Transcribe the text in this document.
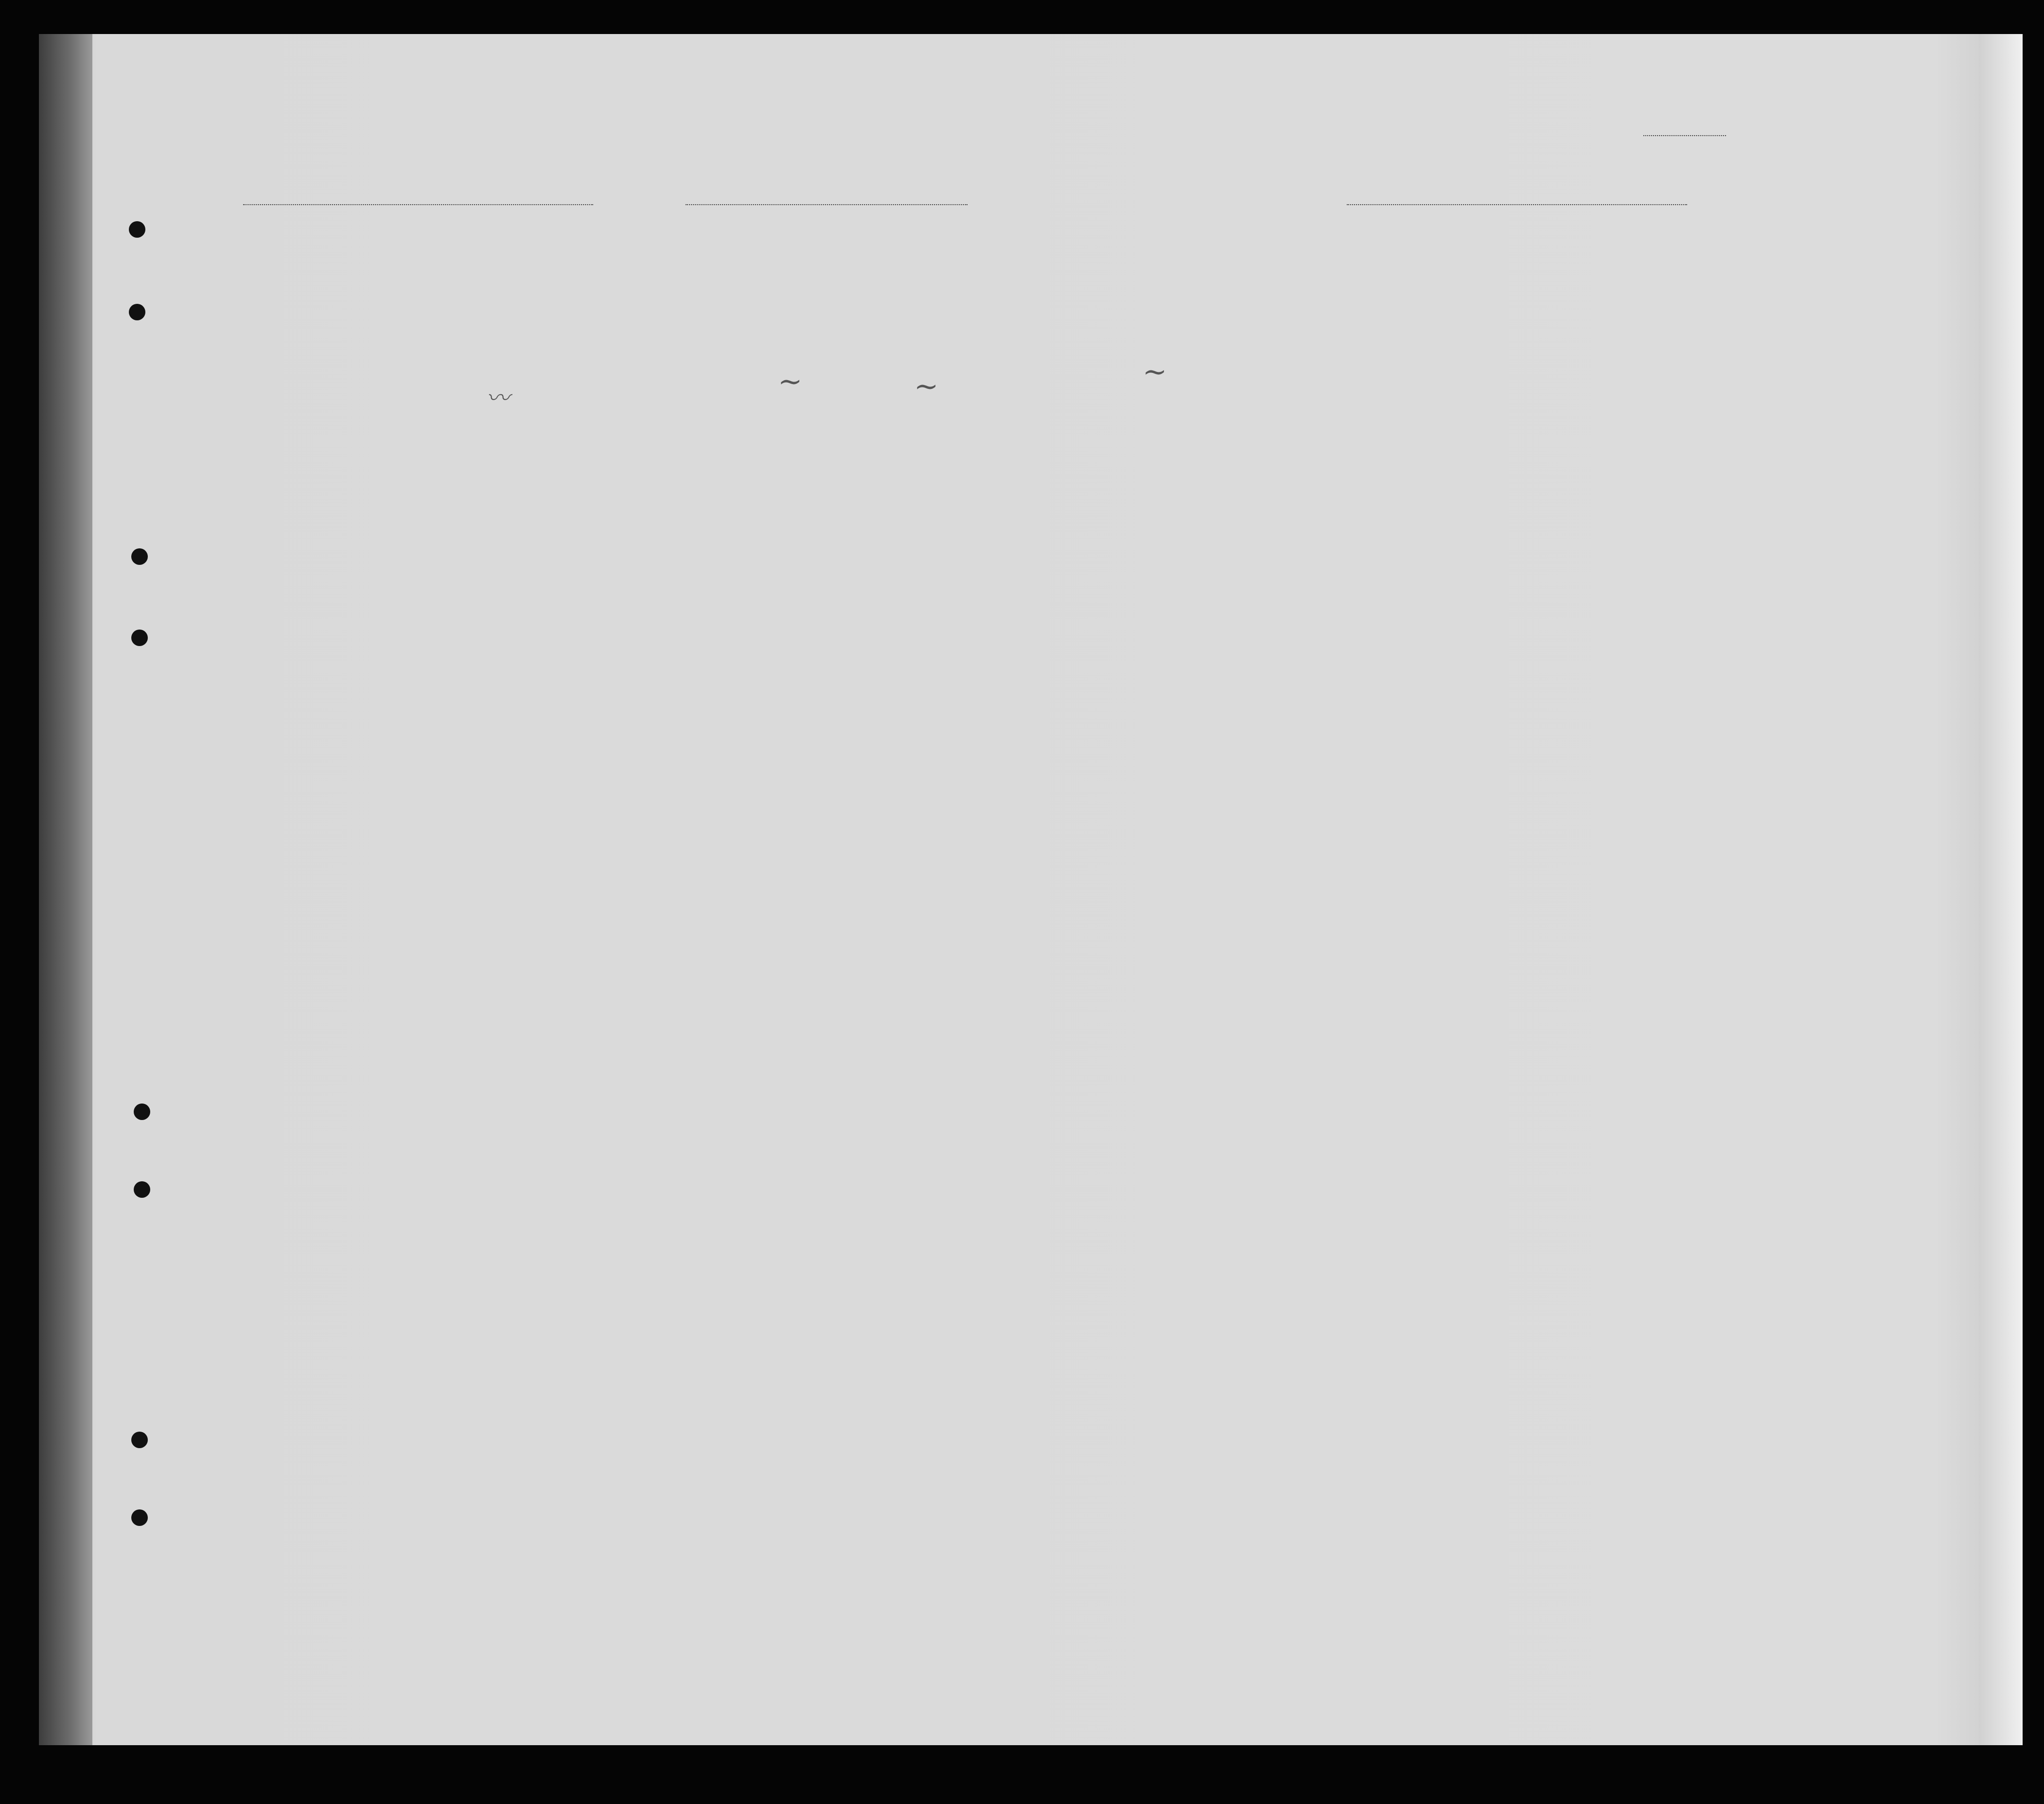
〰	~	~	~
